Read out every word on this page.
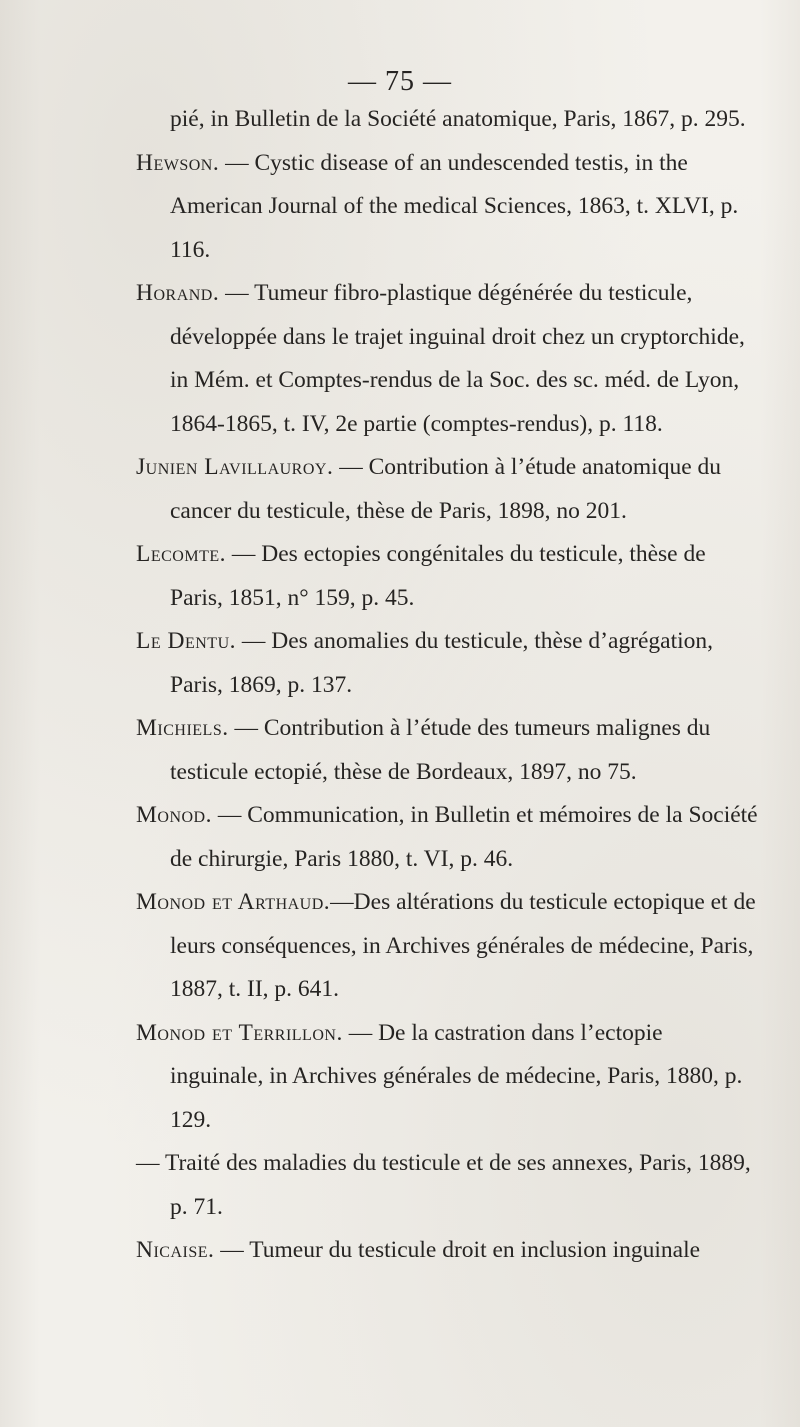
— 75 —
pié, in Bulletin de la Société anatomique, Paris, 1867, p. 295.
Hewson. — Cystic disease of an undescended testis, in the American Journal of the medical Sciences, 1863, t. XLVI, p. 116.
Horand. — Tumeur fibro-plastique dégénérée du testicule, développée dans le trajet inguinal droit chez un cryptorchide, in Mém. et Comptes-rendus de la Soc. des sc. méd. de Lyon, 1864-1865, t. IV, 2e partie (comptes-rendus), p. 118.
Junien Lavillauroy. — Contribution à l’étude anatomique du cancer du testicule, thèse de Paris, 1898, no 201.
Lecomte. — Des ectopies congénitales du testicule, thèse de Paris, 1851, n° 159, p. 45.
Le Dentu. — Des anomalies du testicule, thèse d’agrégation, Paris, 1869, p. 137.
Michiels. — Contribution à l’étude des tumeurs malignes du testicule ectopié, thèse de Bordeaux, 1897, no 75.
Monod. — Communication, in Bulletin et mémoires de la Société de chirurgie, Paris 1880, t. VI, p. 46.
Monod et Arthaud.—Des altérations du testicule ectopique et de leurs conséquences, in Archives générales de médecine, Paris, 1887, t. II, p. 641.
Monod et Terrillon. — De la castration dans l’ectopie inguinale, in Archives générales de médecine, Paris, 1880, p. 129.
— Traité des maladies du testicule et de ses annexes, Paris, 1889, p. 71.
Nicaise. — Tumeur du testicule droit en inclusion inguinale
